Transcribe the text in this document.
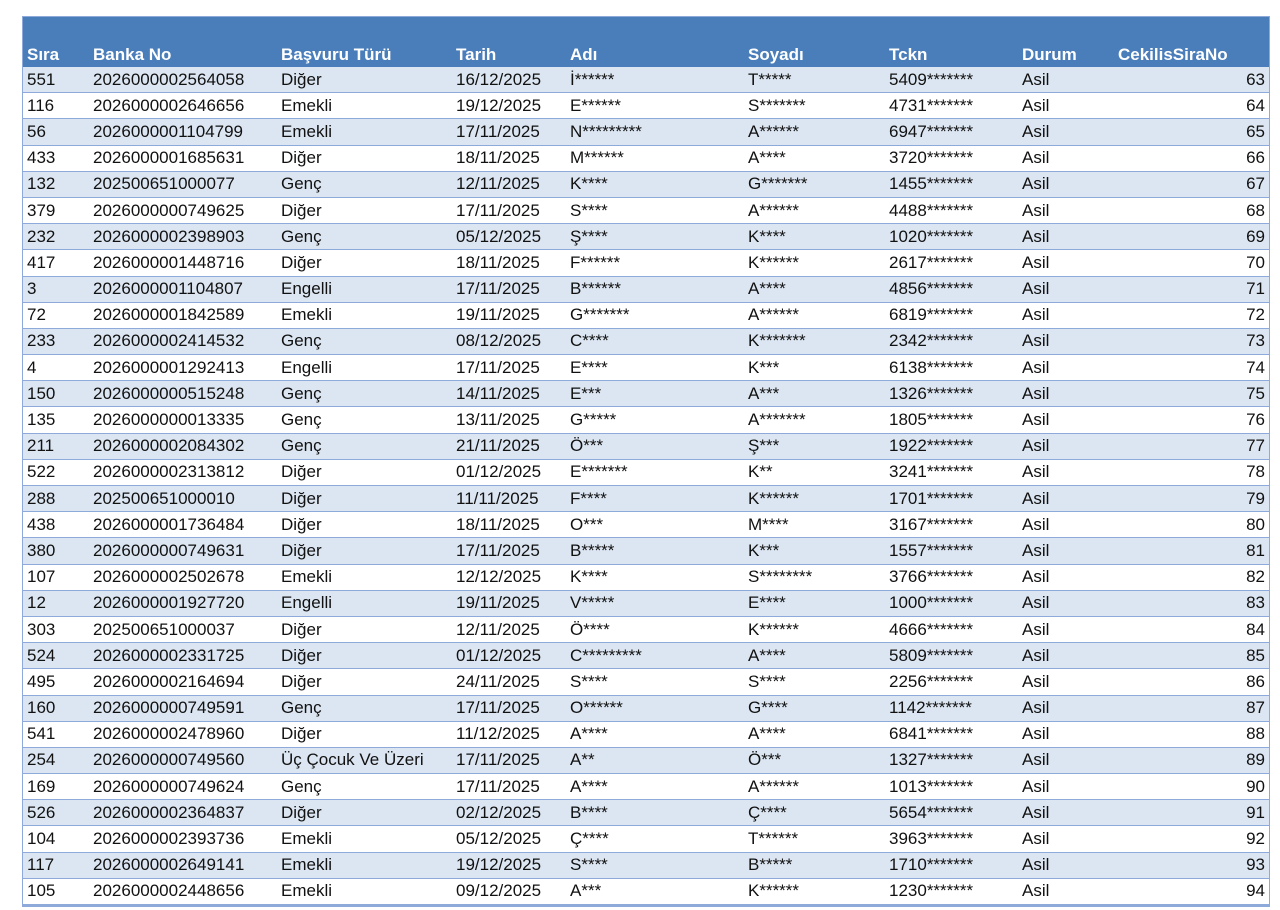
Sıra	Banka No	Başvuru Türü	Tarih	Adı	Soyadı	Tckn	Durum	CekilisSiraNo
551	2026000002564058	Diğer	16/12/2025	İ******	T*****	5409*******	Asil	63
116	2026000002646656	Emekli	19/12/2025	E******	S*******	4731*******	Asil	64
56	2026000001104799	Emekli	17/11/2025	N*********	A******	6947*******	Asil	65
433	2026000001685631	Diğer	18/11/2025	M******	A****	3720*******	Asil	66
132	202500651000077	Genç	12/11/2025	K****	G*******	1455*******	Asil	67
379	2026000000749625	Diğer	17/11/2025	S****	A******	4488*******	Asil	68
232	2026000002398903	Genç	05/12/2025	Ş****	K****	1020*******	Asil	69
417	2026000001448716	Diğer	18/11/2025	F******	K******	2617*******	Asil	70
3	2026000001104807	Engelli	17/11/2025	B******	A****	4856*******	Asil	71
72	2026000001842589	Emekli	19/11/2025	G*******	A******	6819*******	Asil	72
233	2026000002414532	Genç	08/12/2025	C****	K*******	2342*******	Asil	73
4	2026000001292413	Engelli	17/11/2025	E****	K***	6138*******	Asil	74
150	2026000000515248	Genç	14/11/2025	E***	A***	1326*******	Asil	75
135	2026000000013335	Genç	13/11/2025	G*****	A*******	1805*******	Asil	76
211	2026000002084302	Genç	21/11/2025	Ö***	Ş***	1922*******	Asil	77
522	2026000002313812	Diğer	01/12/2025	E*******	K**	3241*******	Asil	78
288	202500651000010	Diğer	11/11/2025	F****	K******	1701*******	Asil	79
438	2026000001736484	Diğer	18/11/2025	O***	M****	3167*******	Asil	80
380	2026000000749631	Diğer	17/11/2025	B*****	K***	1557*******	Asil	81
107	2026000002502678	Emekli	12/12/2025	K****	S********	3766*******	Asil	82
12	2026000001927720	Engelli	19/11/2025	V*****	E****	1000*******	Asil	83
303	202500651000037	Diğer	12/11/2025	Ö****	K******	4666*******	Asil	84
524	2026000002331725	Diğer	01/12/2025	C*********	A****	5809*******	Asil	85
495	2026000002164694	Diğer	24/11/2025	S****	S****	2256*******	Asil	86
160	2026000000749591	Genç	17/11/2025	O******	G****	1142*******	Asil	87
541	2026000002478960	Diğer	11/12/2025	A****	A****	6841*******	Asil	88
254	2026000000749560	Üç Çocuk Ve Üzeri	17/11/2025	A**	Ö***	1327*******	Asil	89
169	2026000000749624	Genç	17/11/2025	A****	A******	1013*******	Asil	90
526	2026000002364837	Diğer	02/12/2025	B****	Ç****	5654*******	Asil	91
104	2026000002393736	Emekli	05/12/2025	Ç****	T******	3963*******	Asil	92
117	2026000002649141	Emekli	19/12/2025	S****	B*****	1710*******	Asil	93
105	2026000002448656	Emekli	09/12/2025	A***	K******	1230*******	Asil	94
